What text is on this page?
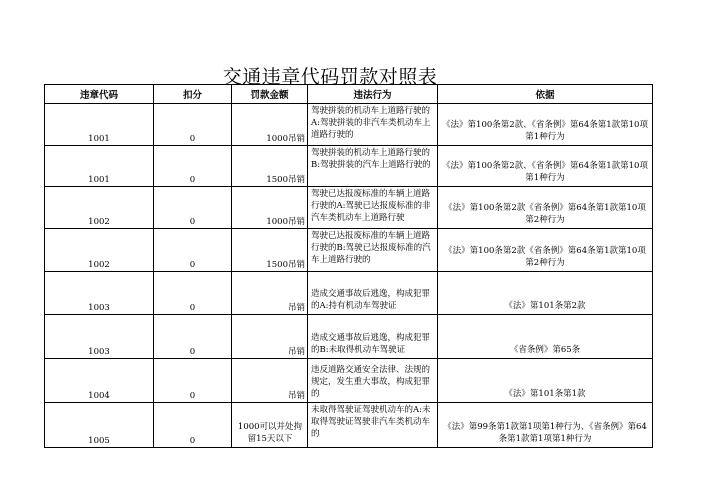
交通违章代码罚款对照表
违章代码	扣分	罚款金额	违法行为	依据
1001	0	1000吊销	驾驶拼装的机动车上道路行驶的A:驾驶拼装的非汽车类机动车上道路行驶的	《法》第100条第2款、《省条例》第64条第1款第10项第1种行为
1001	0	1500吊销	驾驶拼装的机动车上道路行驶的B:驾驶拼装的汽车上道路行驶的	《法》第100条第2款、《省条例》第64条第1款第10项第1种行为
1002	0	1000吊销	驾驶已达报废标准的车辆上道路行驶的A:驾驶已达报废标准的非汽车类机动车上道路行驶	《法》第100条第2款《省条例》第64条第1款第10项第2种行为
1002	0	1500吊销	驾驶已达报废标准的车辆上道路行驶的B:驾驶已达报废标准的汽车上道路行驶的	《法》第100条第2款《省条例》第64条第1款第10项第2种行为
1003	0	吊销	造成交通事故后逃逸，构成犯罪的A:持有机动车驾驶证	《法》第101条第2款
1003	0	吊销	造成交通事故后逃逸，构成犯罪的B:未取得机动车驾驶证	《省条例》第65条
1004	0	吊销	违反道路交通安全法律、法规的规定，发生重大事故，构成犯罪的	《法》第101条第1款
1005	0	1000可以并处拘留15天以下	未取得驾驶证驾驶机动车的A:未取得驾驶证驾驶非汽车类机动车的	《法》第99条第1款第1项第1种行为、《省条例》第64条第1款第1项第1种行为
